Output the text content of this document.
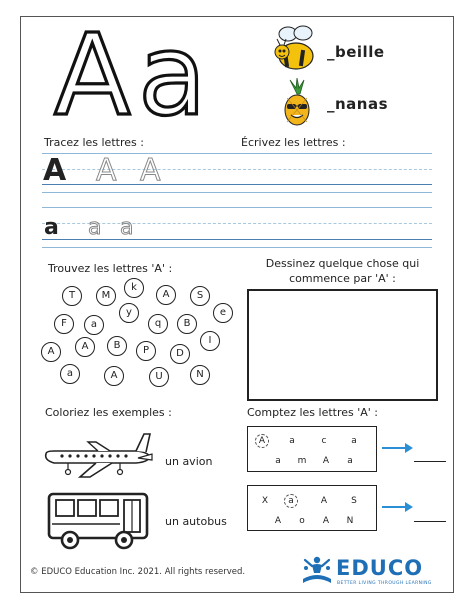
A a	_beille
_nanas
Tracez les lettres :	Écrivez les lettres :
A A A
a a a
Trouvez les lettres 'A' :
T	M
k
A	S
F	a
y
q	B
e
A	A	B	P	D
I
a	A	U	N
Dessinez quelque chose qui commence par 'A' :
Coloriez les exemples :
un avion
un autobus
Comptez les lettres 'A' :
A	a	c	a
a	m	A	a
X	a	A	S
A	o	A	N
© EDUCO Education Inc. 2021. All rights reserved.	EDUCO
BETTER LIVING THROUGH LEARNING
